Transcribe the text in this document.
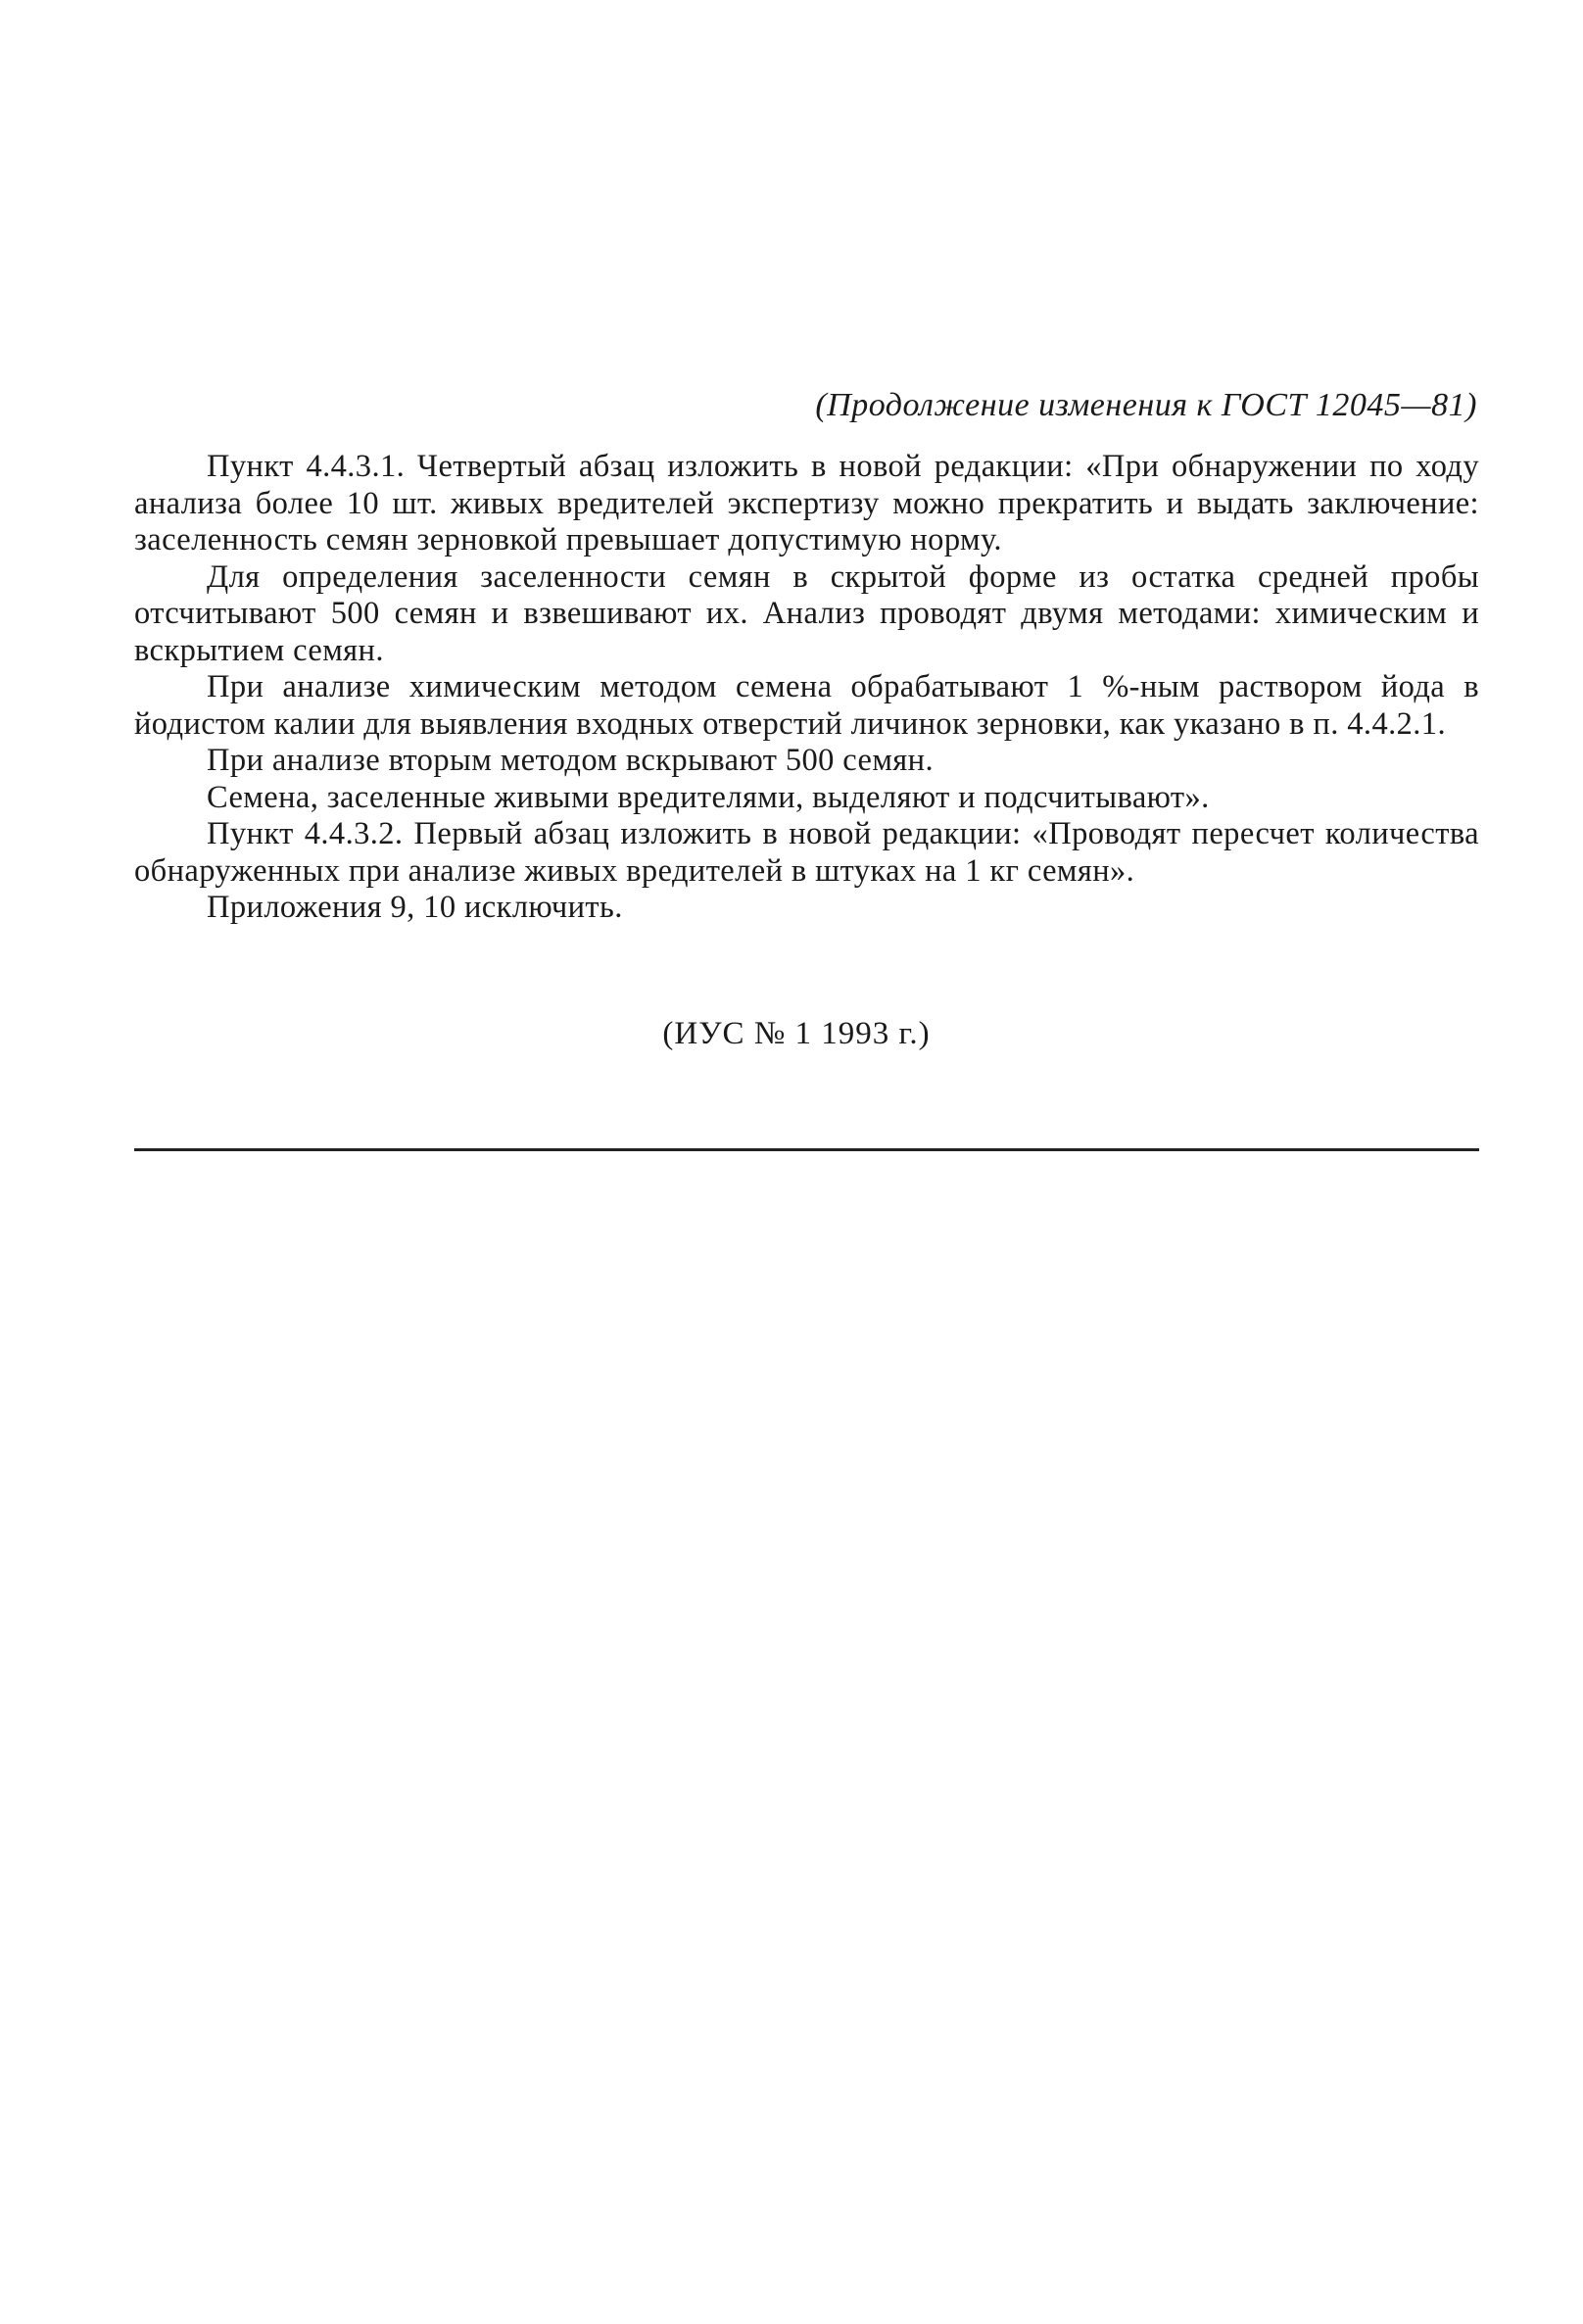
(Продолжение изменения к ГОСТ 12045—81)

Пункт 4.4.3.1. Четвертый абзац изложить в новой редакции: «При обнаружении по ходу анализа более 10 шт. живых вредителей экспертизу можно прекратить и выдать заключение: заселенность семян зерновкой превышает допустимую норму.

Для определения заселенности семян в скрытой форме из остатка средней пробы отсчитывают 500 семян и взвешивают их. Анализ проводят двумя методами: химическим и вскрытием семян.

При анализе химическим методом семена обрабатывают 1 %-ным раствором йода в йодистом калии для выявления входных отверстий личинок зерновки, как указано в п. 4.4.2.1.

При анализе вторым методом вскрывают 500 семян.

Семена, заселенные живыми вредителями, выделяют и подсчитывают».

Пункт 4.4.3.2. Первый абзац изложить в новой редакции: «Проводят пересчет количества обнаруженных при анализе живых вредителей в штуках на 1 кг семян».

Приложения 9, 10 исключить.

(ИУС № 1 1993 г.)
